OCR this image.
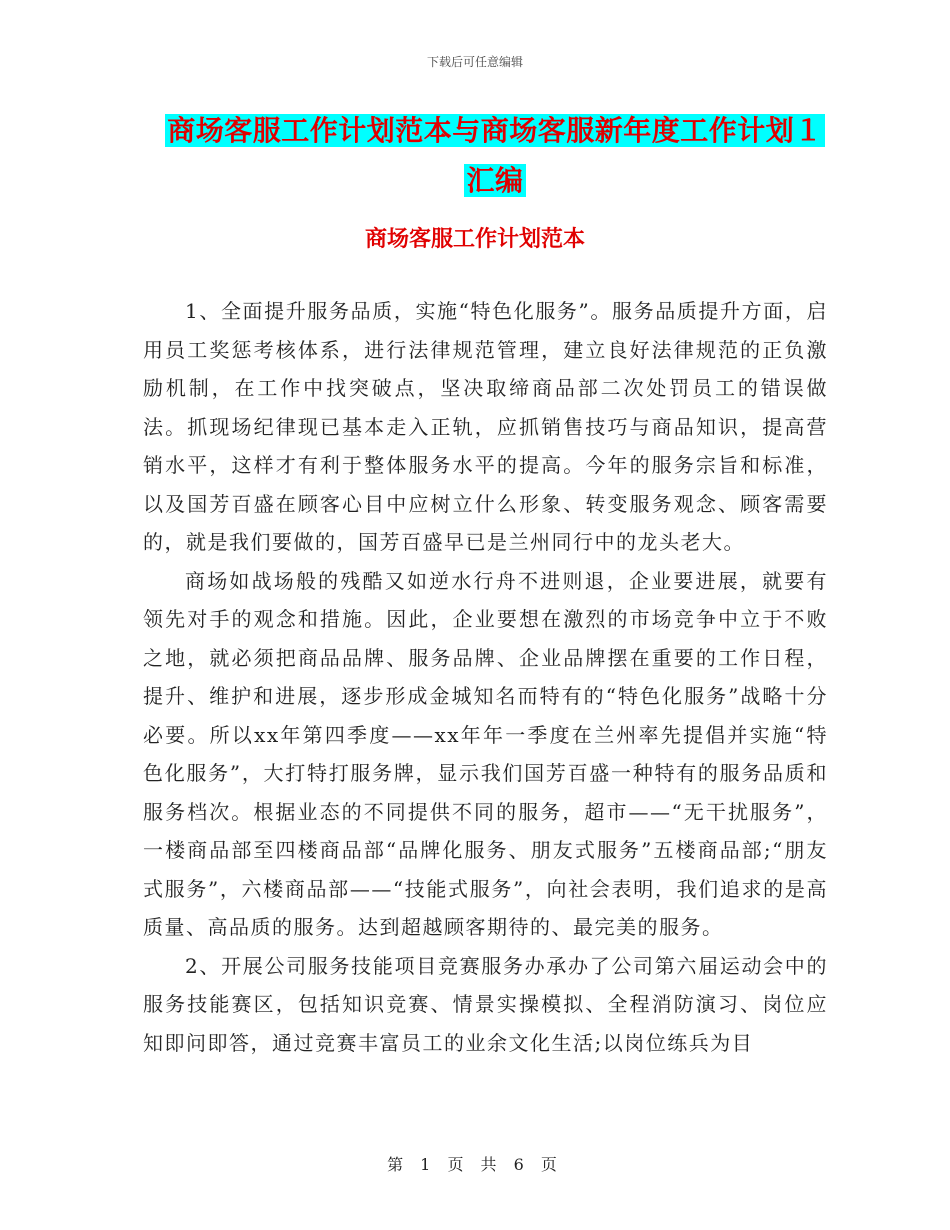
下载后可任意编辑
商场客服工作计划范本与商场客服新年度工作计划１
汇编
商场客服工作计划范本

1、全面提升服务品质，实施“特色化服务”。服务品质提升方面，启用员工奖惩考核体系，进行法律规范管理，建立良好法律规范的正负激励机制，在工作中找突破点，坚决取缔商品部二次处罚员工的错误做法。抓现场纪律现已基本走入正轨，应抓销售技巧与商品知识，提高营销水平，这样才有利于整体服务水平的提高。今年的服务宗旨和标准，以及国芳百盛在顾客心目中应树立什么形象、转变服务观念、顾客需要的，就是我们要做的，国芳百盛早已是兰州同行中的龙头老大。

商场如战场般的残酷又如逆水行舟不进则退，企业要进展，就要有领先对手的观念和措施。因此，企业要想在激烈的市场竞争中立于不败之地，就必须把商品品牌、服务品牌、企业品牌摆在重要的工作日程，提升、维护和进展，逐步形成金城知名而特有的“特色化服务”战略十分必要。所以xx年第四季度——xx年年一季度在兰州率先提倡并实施“特色化服务”，大打特打服务牌，显示我们国芳百盛一种特有的服务品质和服务档次。根据业态的不同提供不同的服务，超市——“无干扰服务”，一楼商品部至四楼商品部“品牌化服务、朋友式服务”五楼商品部;“朋友式服务”，六楼商品部——“技能式服务”，向社会表明，我们追求的是高质量、高品质的服务。达到超越顾客期待的、最完美的服务。

2、开展公司服务技能项目竞赛服务办承办了公司第六届运动会中的服务技能赛区，包括知识竞赛、情景实操模拟、全程消防演习、岗位应知即问即答，通过竞赛丰富员工的业余文化生活;以岗位练兵为目

第 1 页 共 6 页
